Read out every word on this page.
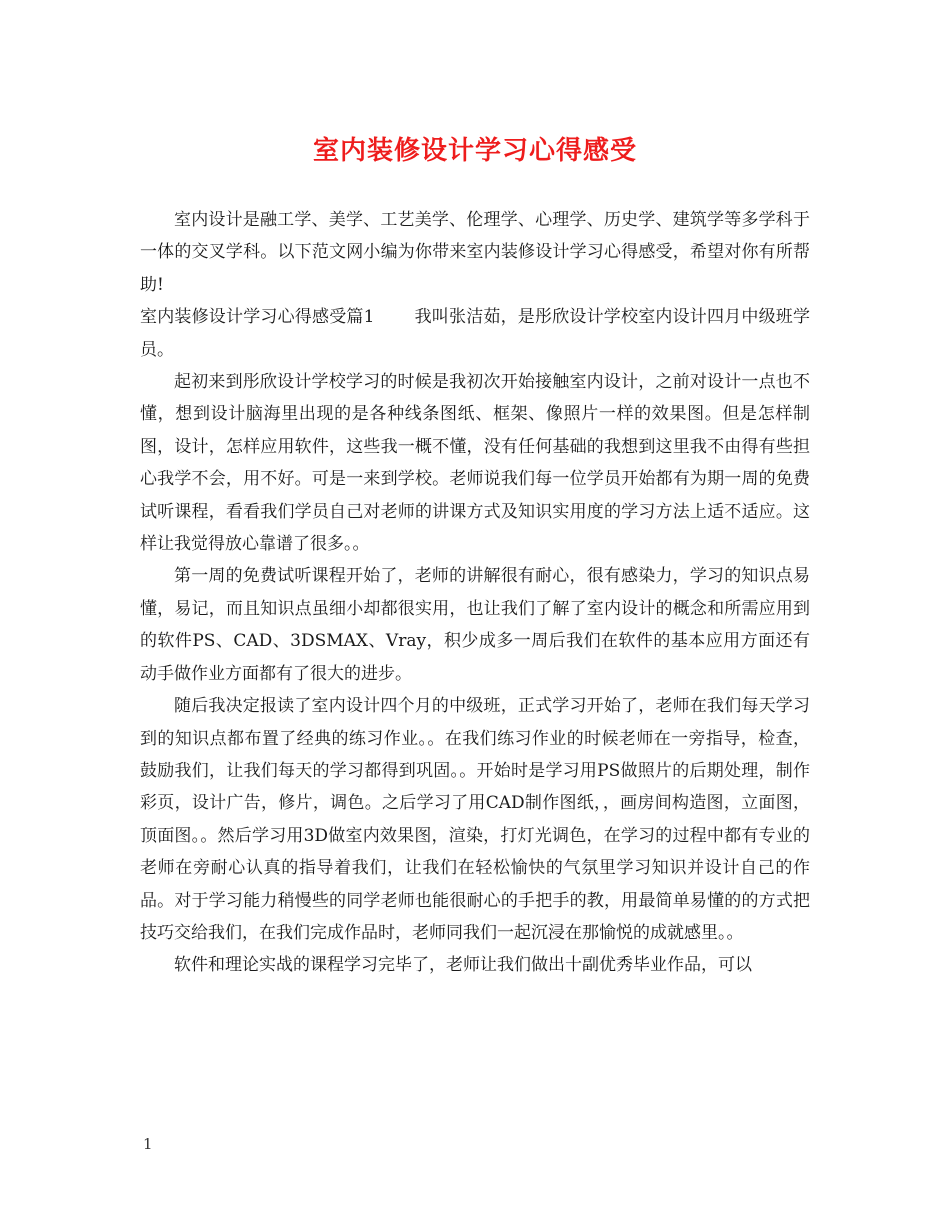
室内装修设计学习心得感受

室内设计是融工学、美学、工艺美学、伦理学、心理学、历史学、建筑学等多学科于一体的交叉学科。以下范文网小编为你带来室内装修设计学习心得感受，希望对你有所帮助!

室内装修设计学习心得感受篇1 我叫张洁茹，是彤欣设计学校室内设计四月中级班学员。

起初来到彤欣设计学校学习的时候是我初次开始接触室内设计，之前对设计一点也不懂，想到设计脑海里出现的是各种线条图纸、框架、像照片一样的效果图。但是怎样制图，设计，怎样应用软件，这些我一概不懂，没有任何基础的我想到这里我不由得有些担心我学不会，用不好。可是一来到学校。老师说我们每一位学员开始都有为期一周的免费试听课程，看看我们学员自己对老师的讲课方式及知识实用度的学习方法上适不适应。这样让我觉得放心靠谱了很多。。

第一周的免费试听课程开始了，老师的讲解很有耐心，很有感染力，学习的知识点易懂，易记，而且知识点虽细小却都很实用，也让我们了解了室内设计的概念和所需应用到的软件PS、CAD、3DSMAX、Vray，积少成多一周后我们在软件的基本应用方面还有动手做作业方面都有了很大的进步。

随后我决定报读了室内设计四个月的中级班，正式学习开始了，老师在我们每天学习到的知识点都布置了经典的练习作业。。在我们练习作业的时候老师在一旁指导，检查，鼓励我们，让我们每天的学习都得到巩固。。开始时是学习用PS做照片的后期处理，制作彩页，设计广告，修片，调色。之后学习了用CAD制作图纸，，画房间构造图，立面图，顶面图。。然后学习用3D做室内效果图，渲染，打灯光调色，在学习的过程中都有专业的老师在旁耐心认真的指导着我们，让我们在轻松愉快的气氛里学习知识并设计自己的作品。对于学习能力稍慢些的同学老师也能很耐心的手把手的教，用最简单易懂的的方式把技巧交给我们，在我们完成作品时，老师同我们一起沉浸在那愉悦的成就感里。。

软件和理论实战的课程学习完毕了，老师让我们做出十副优秀毕业作品，可以

1
